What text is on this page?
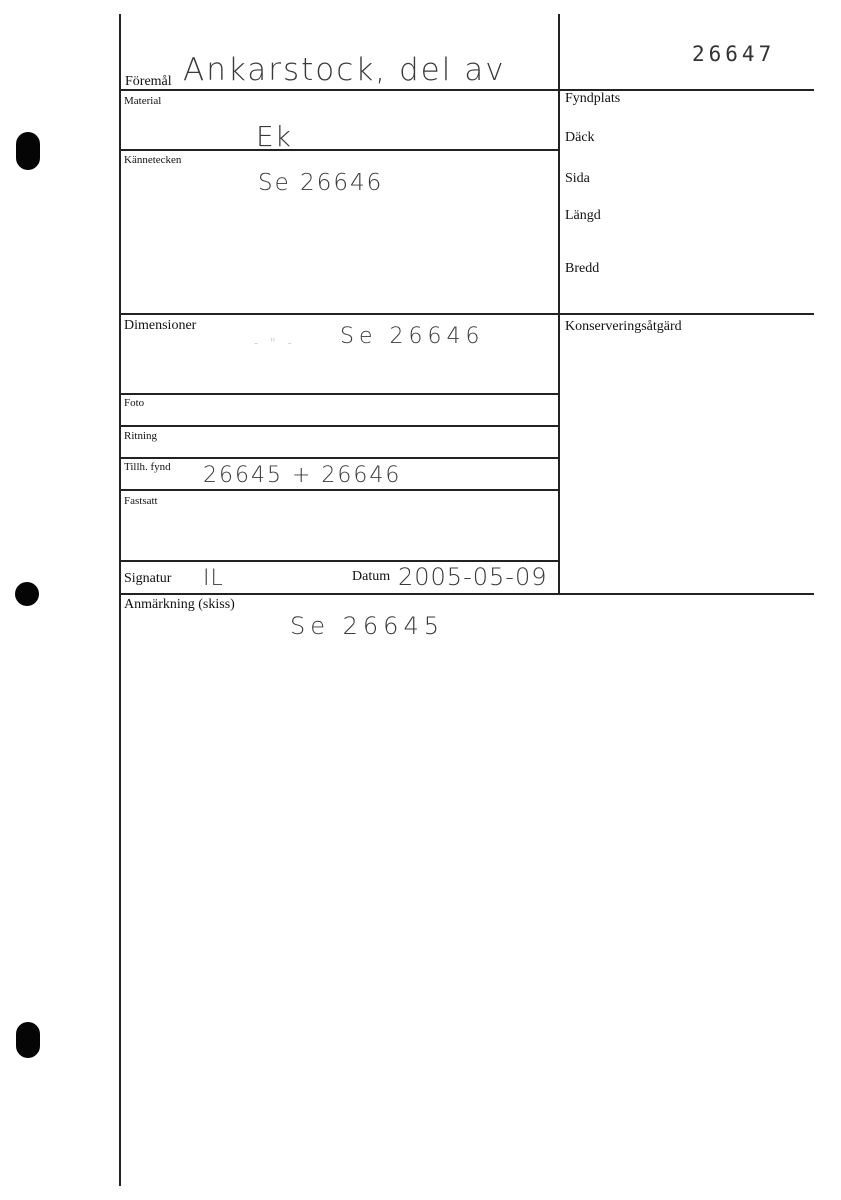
26647
Föremål Ankarstock, del av
Material
Ek
Kännetecken
Se 26646
Dimensioner
- " - Se 26646
Foto
Ritning
Tillh. fynd 26645 + 26646
Fastsatt
Signatur IL	Datum 2005-05-09
Anmärkning (skiss)
Se 26645
Fyndplats
Däck
Sida
Längd
Bredd
Konserveringsåtgärd
